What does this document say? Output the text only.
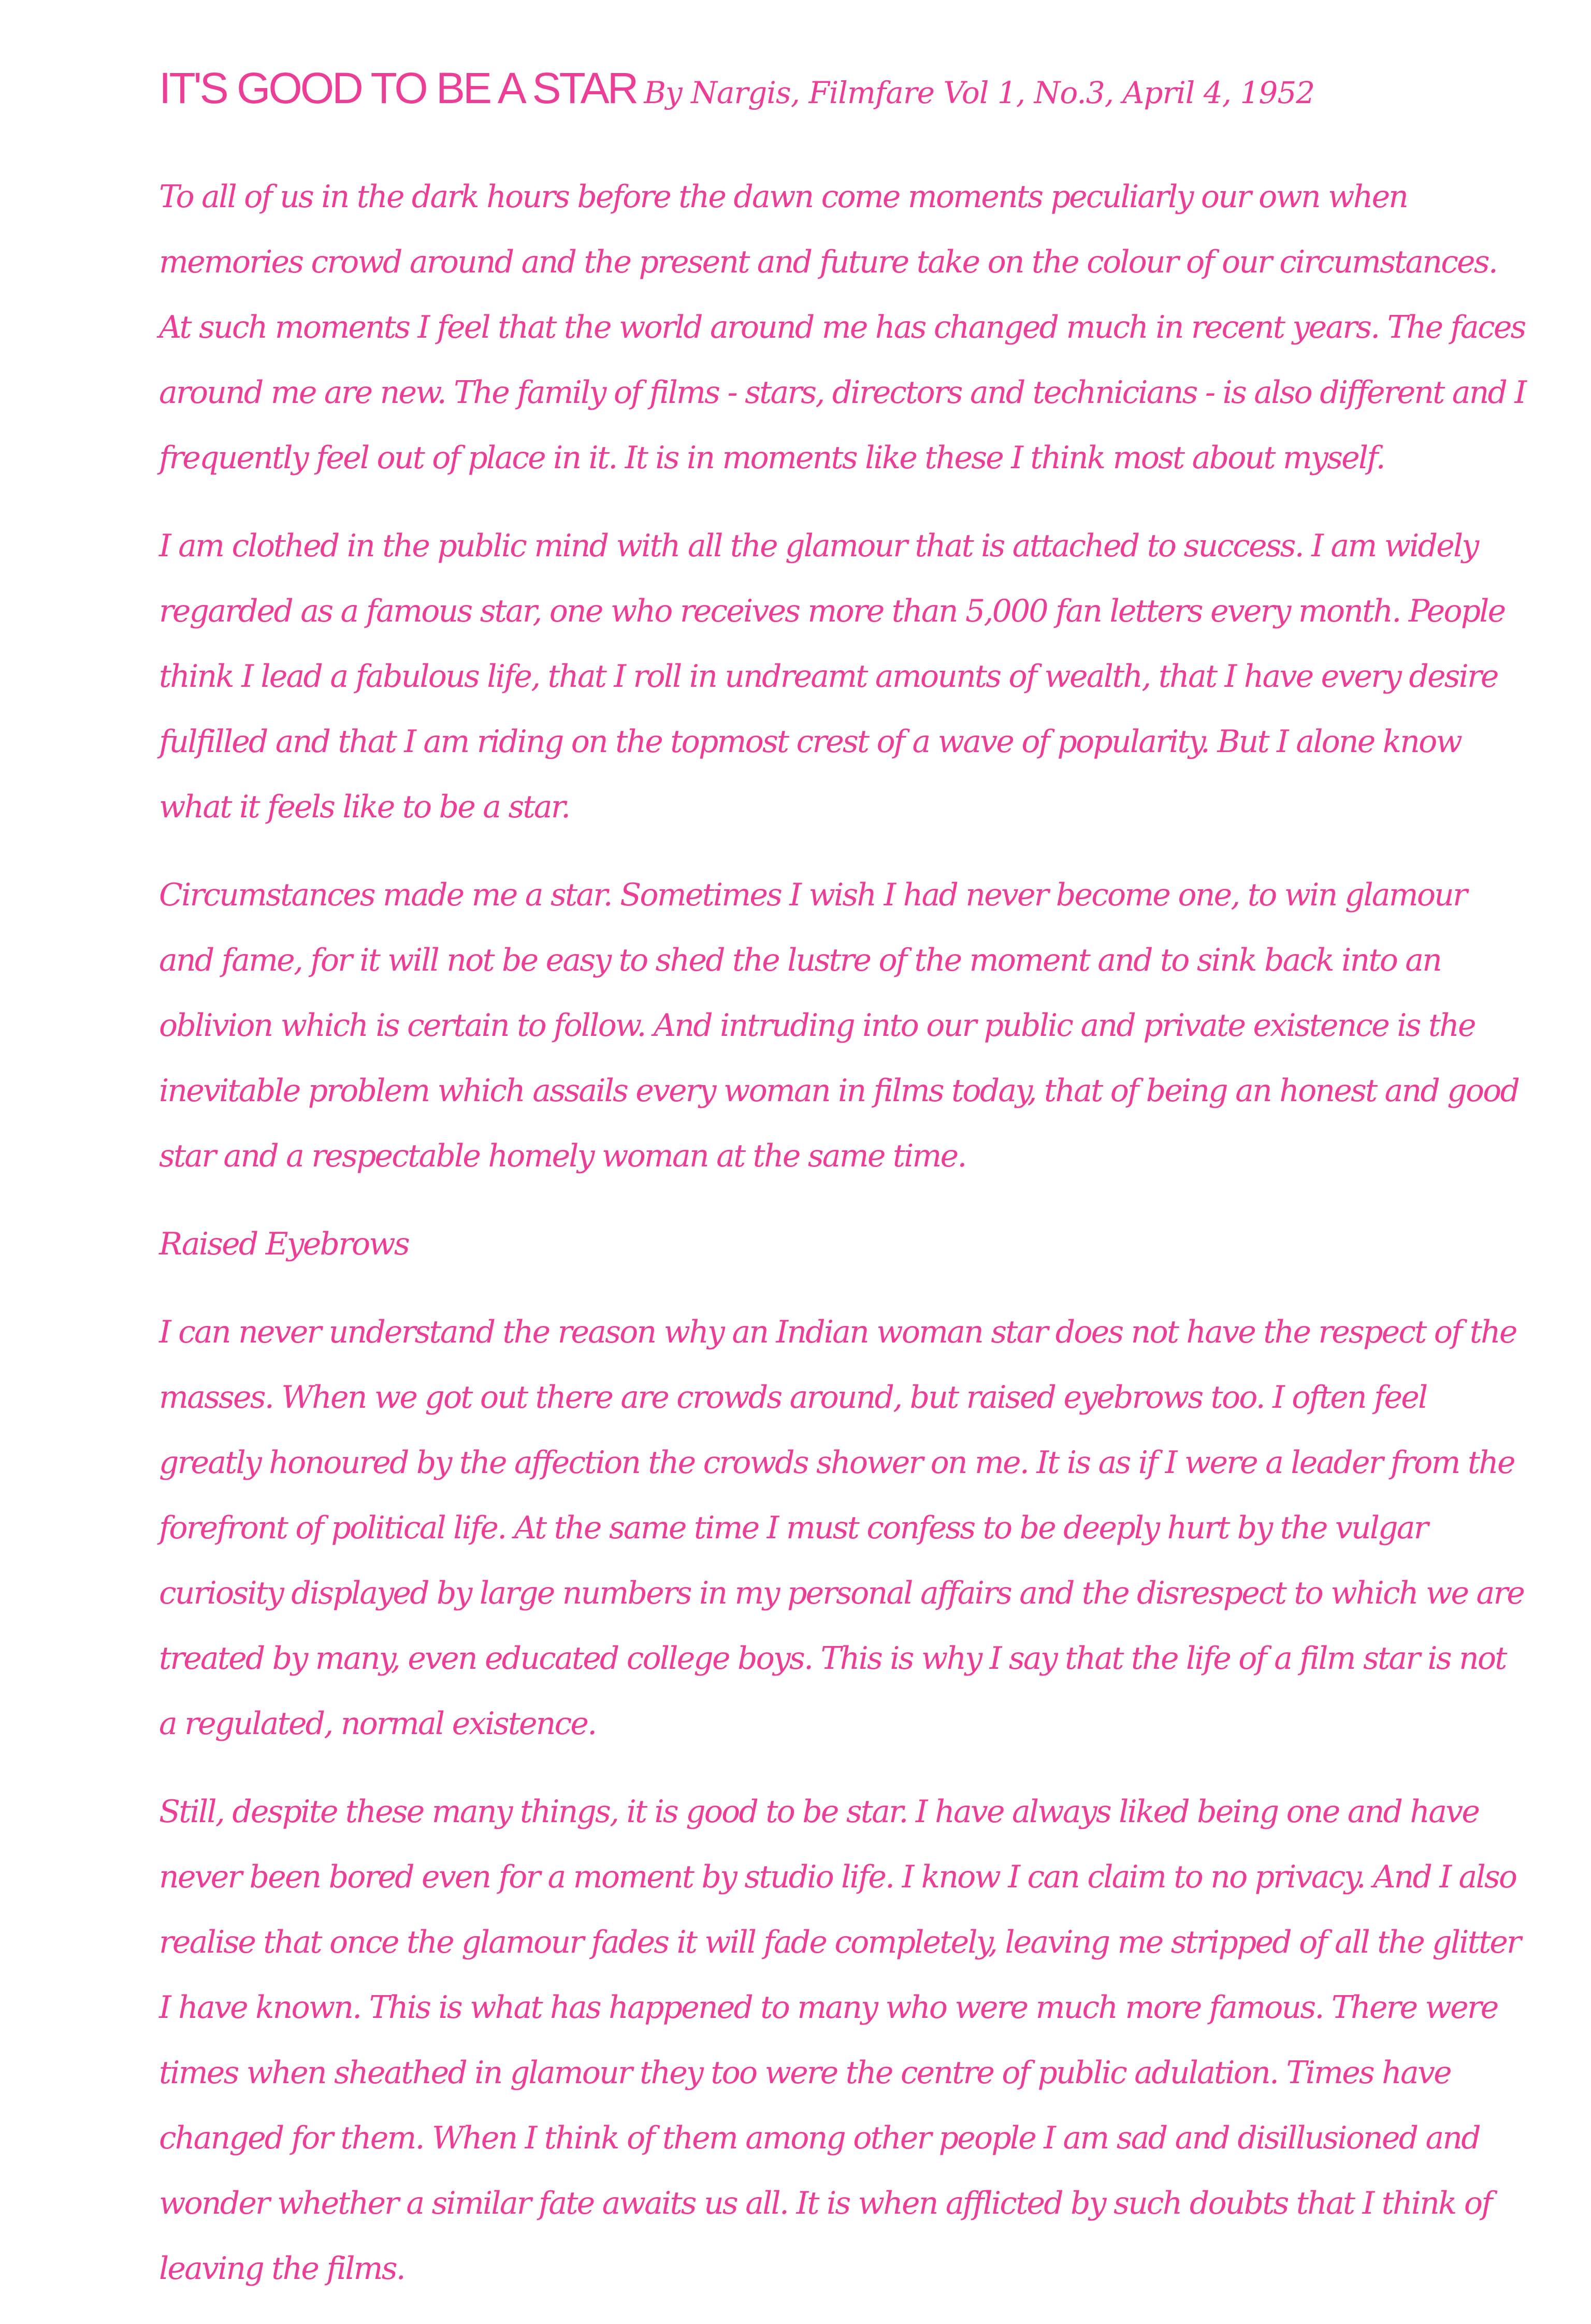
IT'S GOOD TO BE A STAR By Nargis, Filmfare Vol 1, No.3, April 4, 1952

To all of us in the dark hours before the dawn come moments peculiarly our own when memories crowd around and the present and future take on the colour of our circumstances. At such moments I feel that the world around me has changed much in recent years. The faces around me are new. The family of films - stars, directors and technicians - is also different and I frequently feel out of place in it. It is in moments like these I think most about myself.

I am clothed in the public mind with all the glamour that is attached to success. I am widely regarded as a famous star, one who receives more than 5,000 fan letters every month. People think I lead a fabulous life, that I roll in undreamt amounts of wealth, that I have every desire fulfilled and that I am riding on the topmost crest of a wave of popularity. But I alone know what it feels like to be a star.

Circumstances made me a star. Sometimes I wish I had never become one, to win glamour and fame, for it will not be easy to shed the lustre of the moment and to sink back into an oblivion which is certain to follow. And intruding into our public and private existence is the inevitable problem which assails every woman in films today, that of being an honest and good star and a respectable homely woman at the same time.

Raised Eyebrows

I can never understand the reason why an Indian woman star does not have the respect of the masses. When we got out there are crowds around, but raised eyebrows too. I often feel greatly honoured by the affection the crowds shower on me. It is as if I were a leader from the forefront of political life. At the same time I must confess to be deeply hurt by the vulgar curiosity displayed by large numbers in my personal affairs and the disrespect to which we are treated by many, even educated college boys. This is why I say that the life of a film star is not a regulated, normal existence.

Still, despite these many things, it is good to be star. I have always liked being one and have never been bored even for a moment by studio life. I know I can claim to no privacy. And I also realise that once the glamour fades it will fade completely, leaving me stripped of all the glitter I have known. This is what has happened to many who were much more famous. There were times when sheathed in glamour they too were the centre of public adulation. Times have changed for them. When I think of them among other people I am sad and disillusioned and wonder whether a similar fate awaits us all. It is when afflicted by such doubts that I think of leaving the films.
